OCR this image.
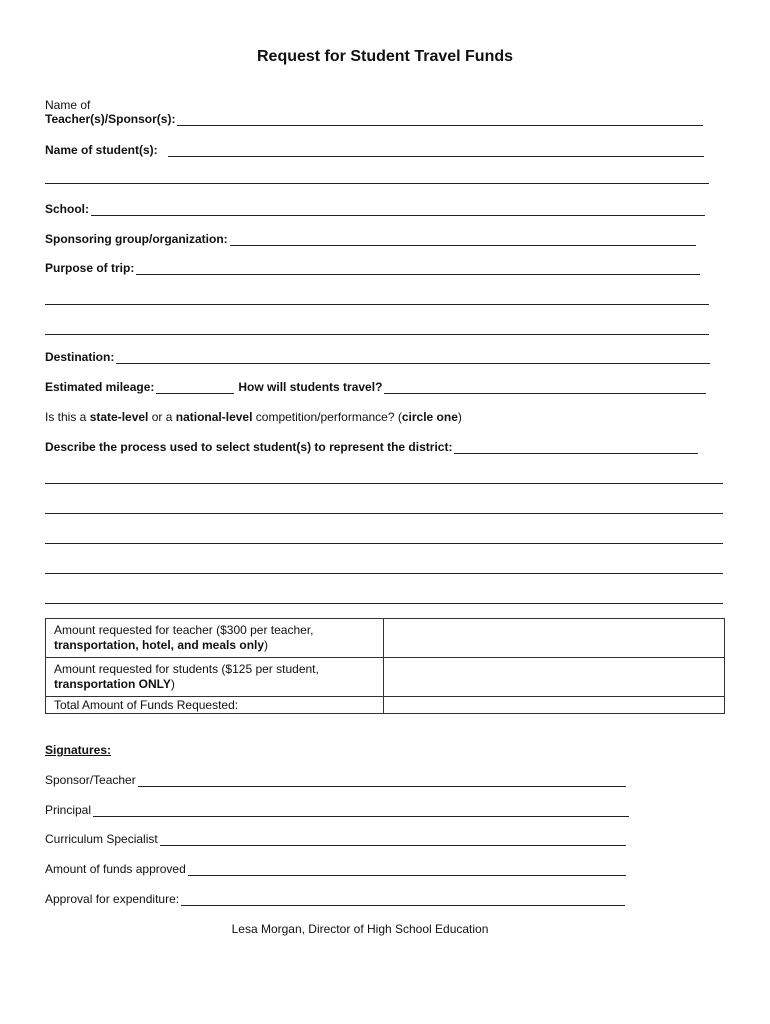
Request for Student Travel Funds
Name of
Teacher(s)/Sponsor(s):
Name of student(s):
School:
Sponsoring group/organization:
Purpose of trip:
Destination:
Estimated mileage:	How will students travel?
Is this a state-level or a national-level competition/performance? (circle one)
Describe the process used to select student(s) to represent the district:
Amount requested for teacher ($300 per teacher,
transportation, hotel, and meals only)	
Amount requested for students ($125 per student,
transportation ONLY)	
Total Amount of Funds Requested:	
Signatures:
Sponsor/Teacher
Principal
Curriculum Specialist
Amount of funds approved
Approval for expenditure:
Lesa Morgan, Director of High School Education
